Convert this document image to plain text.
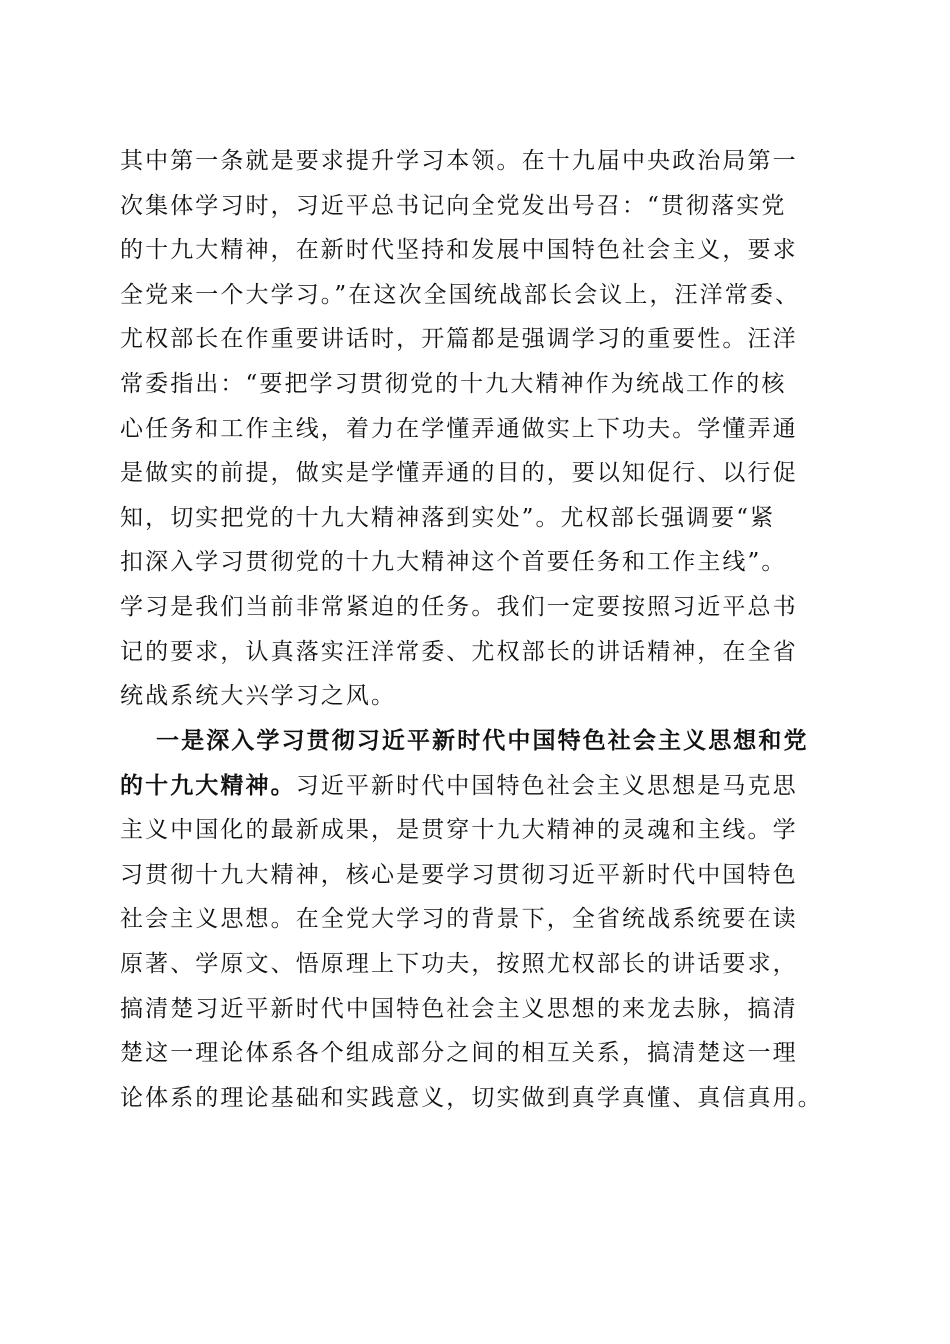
其中第一条就是要求提升学习本领。在十九届中央政治局第一
次集体学习时，习近平总书记向全党发出号召：“贯彻落实党
的十九大精神，在新时代坚持和发展中国特色社会主义，要求
全党来一个大学习。”在这次全国统战部长会议上，汪洋常委、
尤权部长在作重要讲话时，开篇都是强调学习的重要性。汪洋
常委指出：“要把学习贯彻党的十九大精神作为统战工作的核
心任务和工作主线，着力在学懂弄通做实上下功夫。学懂弄通
是做实的前提，做实是学懂弄通的目的，要以知促行、以行促
知，切实把党的十九大精神落到实处”。尤权部长强调要“紧
扣深入学习贯彻党的十九大精神这个首要任务和工作主线”。
学习是我们当前非常紧迫的任务。我们一定要按照习近平总书
记的要求，认真落实汪洋常委、尤权部长的讲话精神，在全省
统战系统大兴学习之风。
一是深入学习贯彻习近平新时代中国特色社会主义思想和党
的十九大精神。习近平新时代中国特色社会主义思想是马克思
主义中国化的最新成果，是贯穿十九大精神的灵魂和主线。学
习贯彻十九大精神，核心是要学习贯彻习近平新时代中国特色
社会主义思想。在全党大学习的背景下，全省统战系统要在读
原著、学原文、悟原理上下功夫，按照尤权部长的讲话要求，
搞清楚习近平新时代中国特色社会主义思想的来龙去脉，搞清
楚这一理论体系各个组成部分之间的相互关系，搞清楚这一理
论体系的理论基础和实践意义，切实做到真学真懂、真信真用。
